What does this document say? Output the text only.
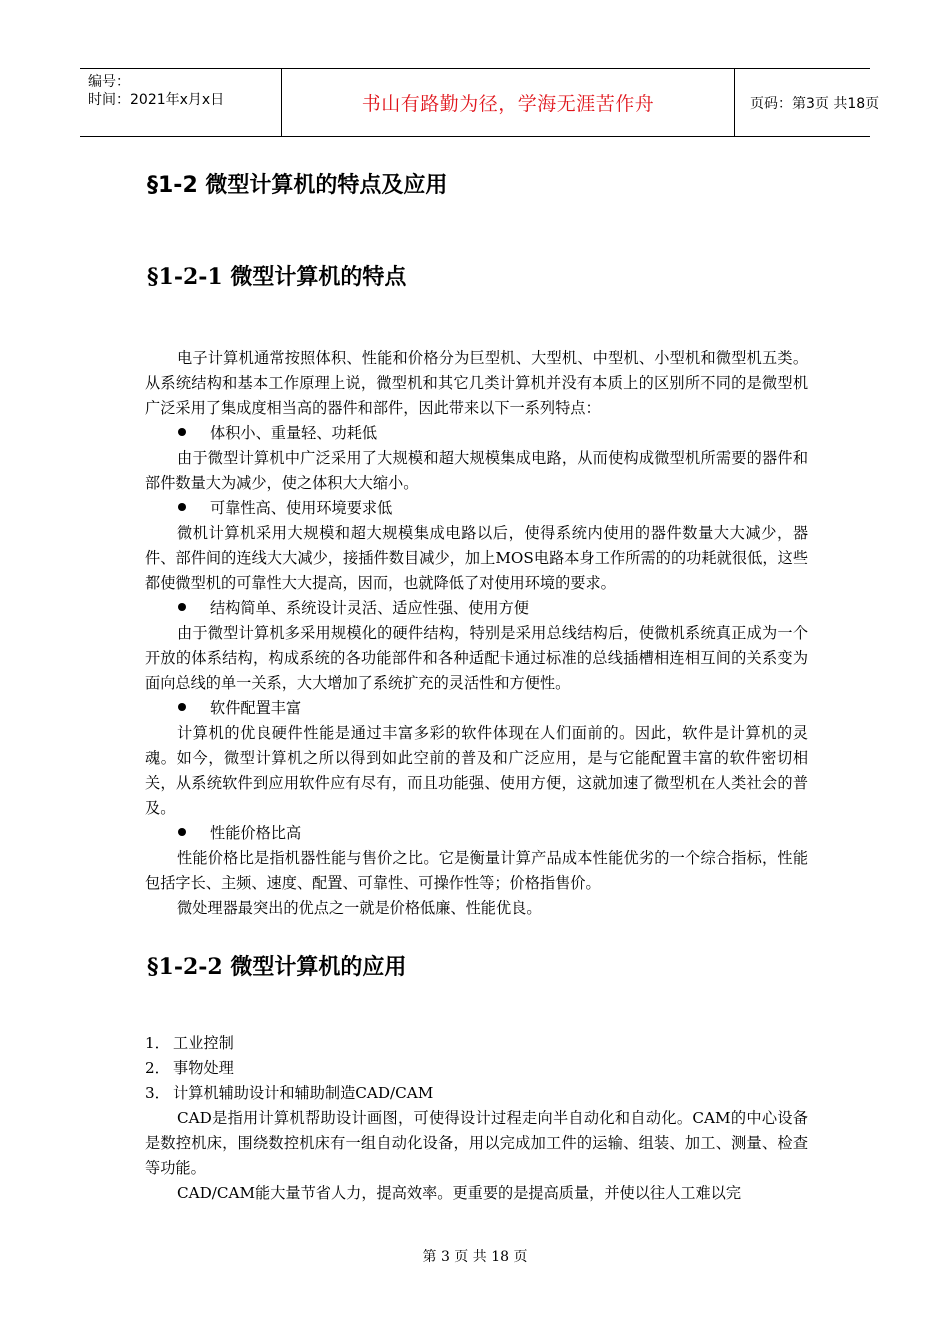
编号：
时间：2021年x月x日	书山有路勤为径，学海无涯苦作舟	页码：第3页 共18页
§1-2 微型计算机的特点及应用
§1-2-1 微型计算机的特点
电子计算机通常按照体积、性能和价格分为巨型机、大型机、中型机、小型机和微型机五类。从系统结构和基本工作原理上说，微型机和其它几类计算机并没有本质上的区别所不同的是微型机广泛采用了集成度相当高的器件和部件，因此带来以下一系列特点：
体积小、重量轻、功耗低
由于微型计算机中广泛采用了大规模和超大规模集成电路，从而使构成微型机所需要的器件和部件数量大为减少，使之体积大大缩小。
可靠性高、使用环境要求低
微机计算机采用大规模和超大规模集成电路以后，使得系统内使用的器件数量大大减少，器件、部件间的连线大大减少，接插件数目减少，加上MOS电路本身工作所需的的功耗就很低，这些都使微型机的可靠性大大提高，因而，也就降低了对使用环境的要求。
结构简单、系统设计灵活、适应性强、使用方便
由于微型计算机多采用规模化的硬件结构，特别是采用总线结构后，使微机系统真正成为一个开放的体系结构，构成系统的各功能部件和各种适配卡通过标准的总线插槽相连相互间的关系变为面向总线的单一关系，大大增加了系统扩充的灵活性和方便性。
软件配置丰富
计算机的优良硬件性能是通过丰富多彩的软件体现在人们面前的。因此，软件是计算机的灵魂。如今，微型计算机之所以得到如此空前的普及和广泛应用，是与它能配置丰富的软件密切相关，从系统软件到应用软件应有尽有，而且功能强、使用方便，这就加速了微型机在人类社会的普及。
性能价格比高
性能价格比是指机器性能与售价之比。它是衡量计算产品成本性能优劣的一个综合指标，性能包括字长、主频、速度、配置、可靠性、可操作性等；价格指售价。
微处理器最突出的优点之一就是价格低廉、性能优良。
§1-2-2 微型计算机的应用
1． 工业控制
2． 事物处理
3． 计算机辅助设计和辅助制造CAD/CAM
CAD是指用计算机帮助设计画图，可使得设计过程走向半自动化和自动化。CAM的中心设备是数控机床，围绕数控机床有一组自动化设备，用以完成加工件的运输、组装、加工、测量、检查等功能。
CAD/CAM能大量节省人力，提高效率。更重要的是提高质量，并使以往人工难以完
第 3 页 共 18 页
